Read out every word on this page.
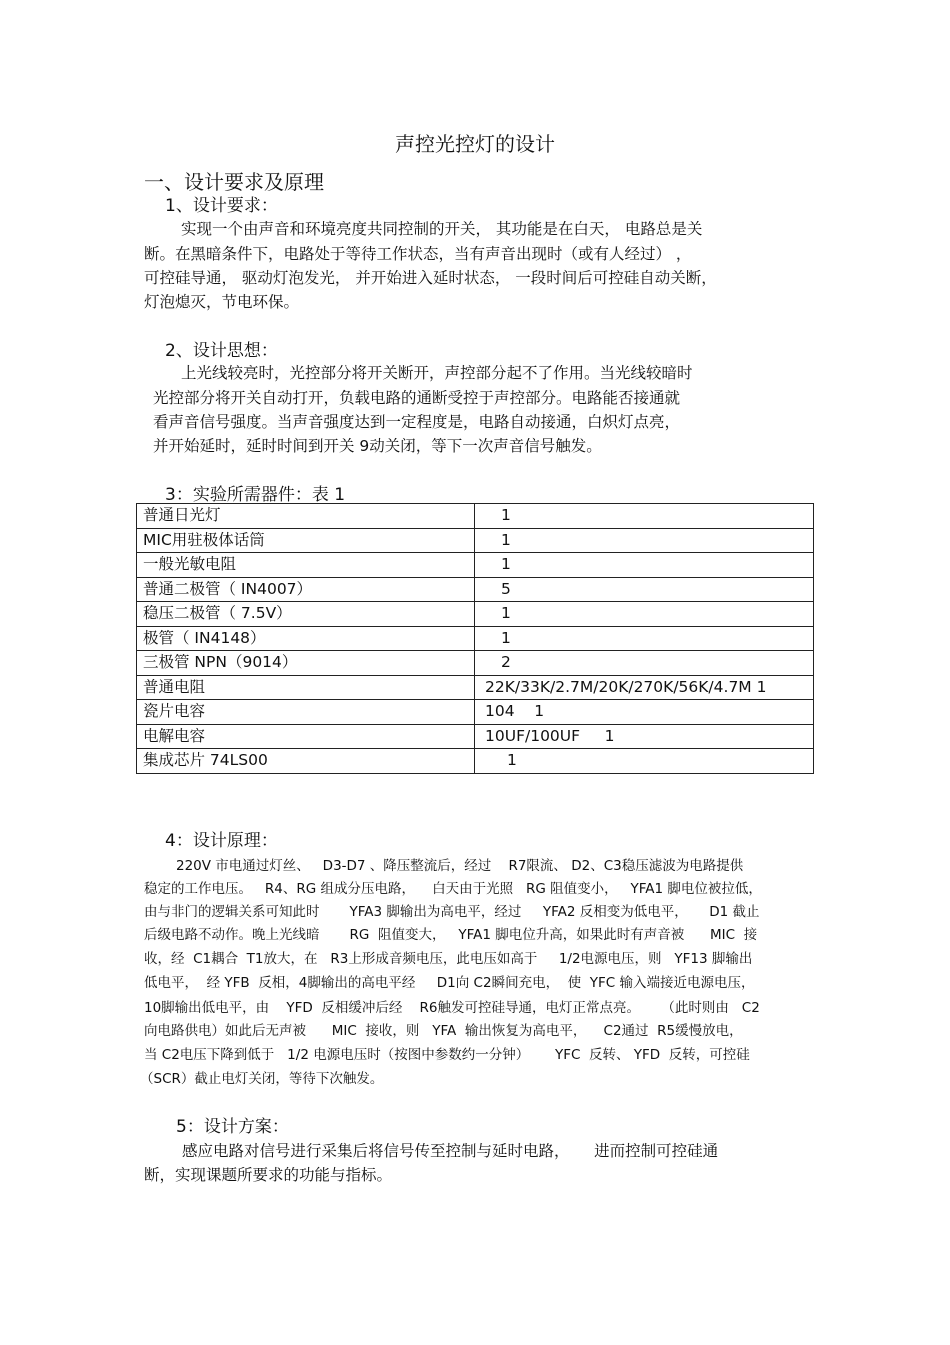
声控光控灯的设计
一、设计要求及原理
1、设计要求：
实现一个由声音和环境亮度共同控制的开关， 其功能是在白天， 电路总是关
断。在黑暗条件下，电路处于等待工作状态，当有声音出现时（或有人经过） ，
可控硅导通， 驱动灯泡发光， 并开始进入延时状态， 一段时间后可控硅自动关断，
灯泡熄灭，节电环保。
2、设计思想：
上光线较亮时，光控部分将开关断开，声控部分起不了作用。当光线较暗时
光控部分将开关自动打开，负载电路的通断受控于声控部分。电路能否接通就
看声音信号强度。当声音强度达到一定程度是，电路自动接通，白炽灯点亮，
并开始延时，延时时间到开关 9动关闭，等下一次声音信号触发。
3：实验所需器件：表 1
普通日光灯	1
MIC用驻极体话筒	1
一般光敏电阻	1
普通二极管（ IN4007）	5
稳压二极管（ 7.5V）	1
极管（ IN4148）	1
三极管 NPN（9014）	2
普通电阻	22K/33K/2.7M/20K/270K/56K/4.7M 1
瓷片电容	104    1
电解电容	10UF/100UF     1
集成芯片 74LS00	1
4：设计原理：
220V 市电通过灯丝、   D3-D7 、降压整流后，经过    R7限流、 D2、C3稳压滤波为电路提供
稳定的工作电压。   R4、RG 组成分压电路，    白天由于光照   RG 阻值变小，   YFA1 脚电位被拉低，
由与非门的逻辑关系可知此时       YFA3 脚输出为高电平，经过     YFA2 反相变为低电平，     D1 截止
后级电路不动作。晚上光线暗       RG  阻值变大，   YFA1 脚电位升高，如果此时有声音被      MIC  接
收，经  C1耦合  T1放大，在   R3上形成音频电压，此电压如高于     1/2电源电压，则   YF13 脚输出
低电平，  经 YFB  反相，4脚输出的高电平经     D1向 C2瞬间充电，  使  YFC 输入端接近电源电压，
10脚输出低电平，由    YFD  反相缓冲后经    R6触发可控硅导通，电灯正常点亮。     （此时则由   C2
向电路供电）如此后无声被      MIC  接收，则   YFA  输出恢复为高电平，    C2通过  R5缓慢放电，
当 C2电压下降到低于   1/2 电源电压时（按图中参数约一分钟）      YFC  反转、 YFD  反转，可控硅
（SCR）截止电灯关闭，等待下次触发。
5：设计方案：
感应电路对信号进行采集后将信号传至控制与延时电路，     进而控制可控硅通
断，实现课题所要求的功能与指标。
